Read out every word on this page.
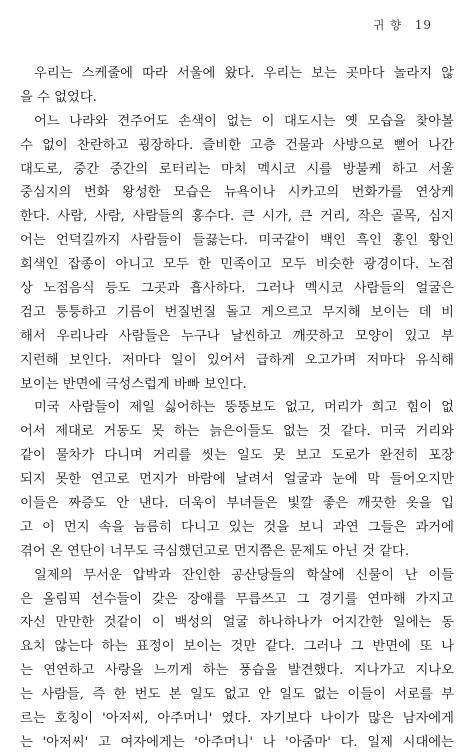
귀 향 19
우리는 스케줄에 따라 서울에 왔다. 우리는 보는 곳마다 놀라지 않
을 수 없었다.
어느 나라와 견주어도 손색이 없는 이 대도시는 옛 모습을 찾아볼
수 없이 찬란하고 굉장하다. 즐비한 고층 건물과 사방으로 뻗어 나간
대도로, 중간 중간의 로터리는 마치 멕시코 시를 방불케 하고 서울
중심지의 번화 왕성한 모습은 뉴욕이나 시카고의 번화가를 연상케
한다. 사람, 사람, 사람들의 홍수다. 큰 시가, 큰 거리, 작은 골목, 심지
어는 언덕길까지 사람들이 들끓는다. 미국같이 백인 흑인 홍인 황인
회색인 잡종이 아니고 모두 한 민족이고 모두 비슷한 광경이다. 노점
상 노점음식 등도 그곳과 흡사하다. 그러나 멕시코 사람들의 얼굴은
검고 퉁퉁하고 기름이 번질번질 돌고 게으르고 무지해 보이는 데 비
해서 우리나라 사람들은 누구나 날씬하고 깨끗하고 모양이 있고 부
지런해 보인다. 저마다 일이 있어서 급하게 오고가며 저마다 유식해
보이는 반면에 극성스럽게 바빠 보인다.
미국 사람들이 제일 싫어하는 뚱뚱보도 없고, 머리가 희고 힘이 없
어서 제대로 거동도 못 하는 늙은이들도 없는 것 같다. 미국 거리와
같이 물차가 다니며 거리를 씻는 일도 못 보고 도로가 완전히 포장
되지 못한 연고로 먼지가 바람에 날려서 얼굴과 눈에 막 들어오지만
이들은 짜증도 안 낸다. 더욱이 부녀들은 빛깔 좋은 깨끗한 옷을 입
고 이 먼지 속을 늠름히 다니고 있는 것을 보니 과연 그들은 과거에
겪어 온 연단이 너무도 극심했던고로 먼지쯤은 문제도 아닌 것 같다.
일제의 무서운 압박과 잔인한 공산당들의 학살에 신물이 난 이들
은 올림픽 선수들이 갖은 장애를 무릅쓰고 그 경기를 연마해 가지고
자신 만만한 것같이 이 백성의 얼굴 하나하나가 어지간한 일에는 동
요치 않는다 하는 표정이 보이는 것만 같다. 그러나 그 반면에 또 나
는 연연하고 사랑을 느끼게 하는 풍습을 발견했다. 지나가고 지나오
는 사람들, 즉 한 번도 본 일도 없고 안 일도 없는 이들이 서로를 부
르는 호칭이 '아저씨, 아주머니' 였다. 자기보다 나이가 많은 남자에게
는 '아저씨' 고 여자에게는 '아주머니' 나 '아줌마' 다. 일제 시대에는
